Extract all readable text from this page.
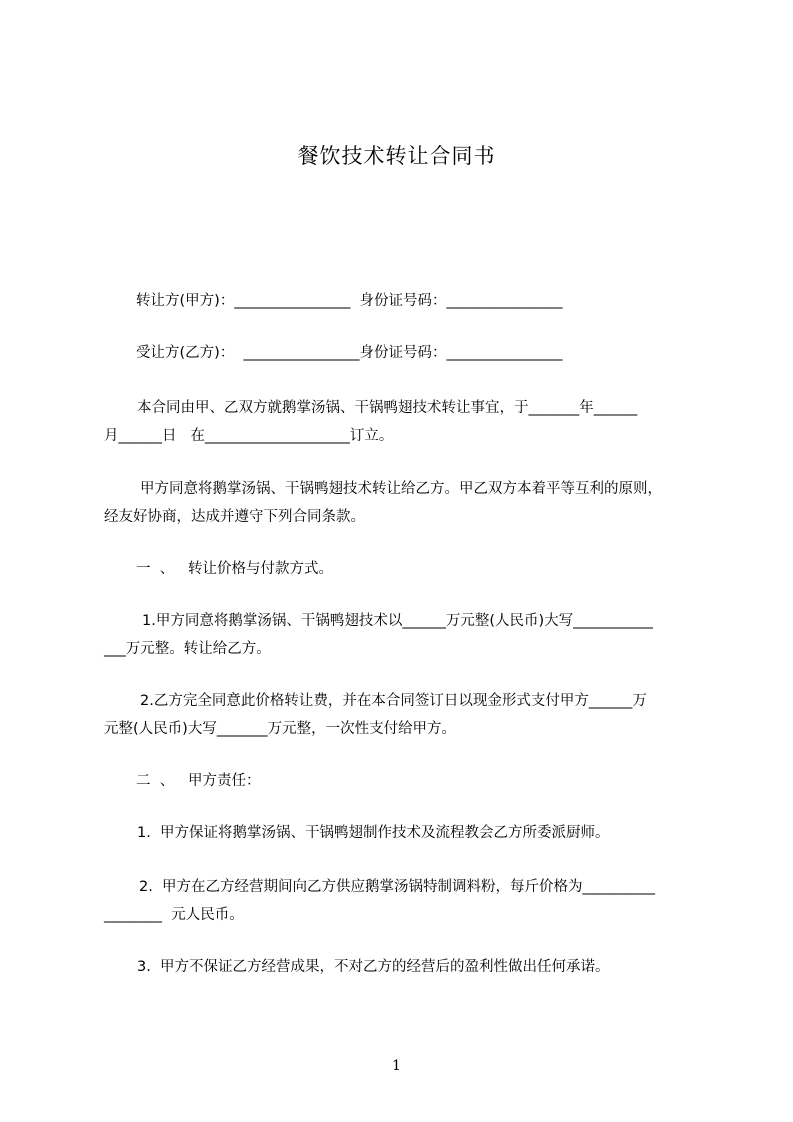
餐饮技术转让合同书
转让方(甲方)：________________  身份证号码：________________
受让方(乙方)：  ________________身份证号码：________________
本合同由甲、乙双方就鹅掌汤锅、干锅鸭翅技术转让事宜，于_______年______
月______日   在____________________订立。
甲方同意将鹅掌汤锅、干锅鸭翅技术转让给乙方。甲乙双方本着平等互利的原则，
经友好协商，达成并遵守下列合同条款。
一  、   转让价格与付款方式。
1.甲方同意将鹅掌汤锅、干锅鸭翅技术以______万元整(人民币)大写___________
___万元整。转让给乙方。
2.乙方完全同意此价格转让费，并在本合同签订日以现金形式支付甲方______万
元整(人民币)大写_______万元整，一次性支付给甲方。
二  、   甲方责任：
1.  甲方保证将鹅掌汤锅、干锅鸭翅制作技术及流程教会乙方所委派厨师。
2.  甲方在乙方经营期间向乙方供应鹅掌汤锅特制调料粉，每斤价格为__________
________  元人民币。
3.  甲方不保证乙方经营成果，不对乙方的经营后的盈利性做出任何承诺。
1
